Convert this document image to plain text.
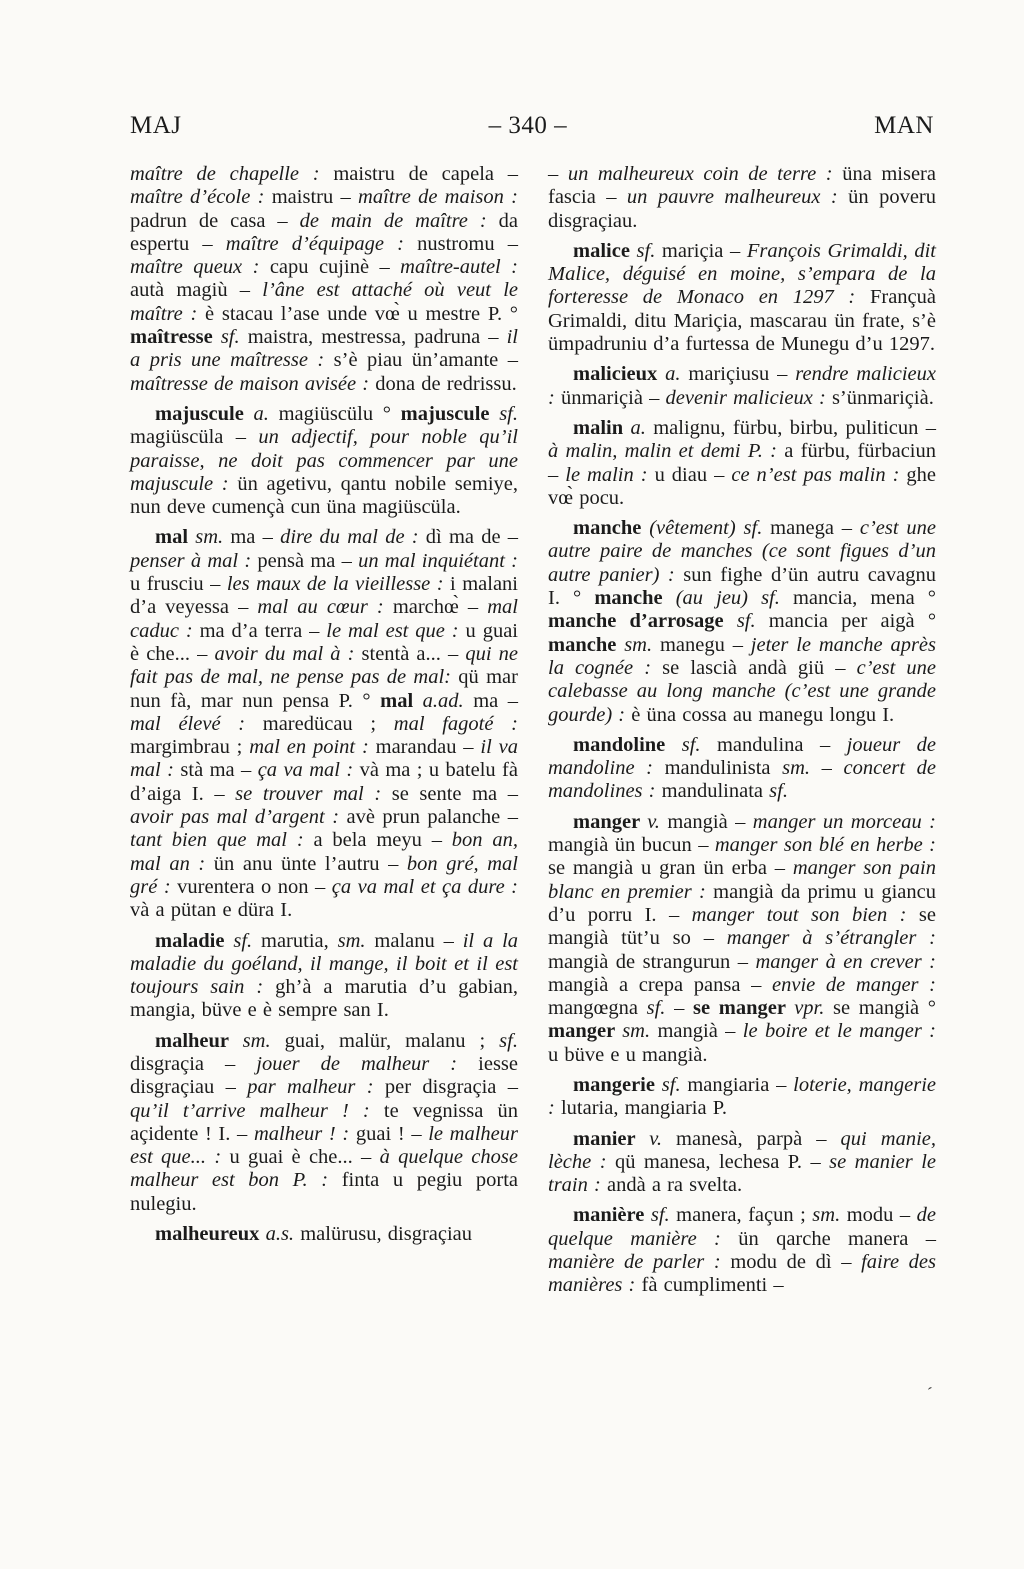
MAJ	– 340 –	MAN

maître de chapelle : maistru de capela – maître d’école : maistru – maître de maison : padrun de casa – de main de maître : da espertu – maître d’équipage : nustromu – maître queux : capu cujinè – maître-autel : autà magiù – l’âne est attaché où veut le maître : è stacau l’ase unde vœ̀ u mestre P. ° maîtresse sf. maistra, mestressa, padruna – il a pris une maîtresse : s’è piau ün’amante – maîtresse de maison avisée : dona de redrissu.

majuscule a. magiüscülu ° majuscule sf. magiüscüla – un adjectif, pour noble qu’il paraisse, ne doit pas commencer par une majuscule : ün agetivu, qantu nobile semiye, nun deve cumençà cun üna magiüscüla.

mal sm. ma – dire du mal de : dì ma de – penser à mal : pensà ma – un mal inquiétant : u frusciu – les maux de la vieillesse : i malani d’a veyessa – mal au cœur : marchœ̀ – mal caduc : ma d’a terra – le mal est que : u guai è che... – avoir du mal à : stentà a... – qui ne fait pas de mal, ne pense pas de mal: qü mar nun fà, mar nun pensa P. ° mal a.ad. ma – mal élevé : maredücau ; mal fagoté : margimbrau ; mal en point : marandau – il va mal : stà ma – ça va mal : và ma ; u batelu fà d’aiga I. – se trouver mal : se sente ma – avoir pas mal d’argent : avè prun palanche – tant bien que mal : a bela meyu – bon an, mal an : ün anu ünte l’autru – bon gré, mal gré : vurentera o non – ça va mal et ça dure : và a pütan e düra I.

maladie sf. marutia, sm. malanu – il a la maladie du goéland, il mange, il boit et il est toujours sain : gh’à a marutia d’u gabian, mangia, büve e è sempre san I.

malheur sm. guai, malür, malanu ; sf. disgraçia – jouer de malheur : iesse disgraçiau – par malheur : per disgraçia – qu’il t’arrive malheur ! : te vegnissa ün açidente ! I. – malheur ! : guai ! – le malheur est que... : u guai è che... – à quelque chose malheur est bon P. : finta u pegiu porta nulegiu.

malheureux a.s. malürusu, disgraçiau

– un malheureux coin de terre : üna misera fascia – un pauvre malheureux : ün poveru disgraçiau.

malice sf. mariçia – François Grimaldi, dit Malice, déguisé en moine, s’empara de la forteresse de Monaco en 1297 : Françuà Grimaldi, ditu Mariçia, mascarau ün frate, s’è ümpadruniu d’a furtessa de Munegu d’u 1297.

malicieux a. mariçiusu – rendre malicieux : ünmariçià – devenir malicieux : s’ünmariçià.

malin a. malignu, fürbu, birbu, puliticun – à malin, malin et demi P. : a fürbu, fürbaciun – le malin : u diau – ce n’est pas malin : ghe vœ̀ pocu.

manche (vêtement) sf. manega – c’est une autre paire de manches (ce sont figues d’un autre panier) : sun fighe d’ün autru cavagnu I. ° manche (au jeu) sf. mancia, mena ° manche d’arrosage sf. mancia per aigà ° manche sm. manegu – jeter le manche après la cognée : se lascià andà giü – c’est une calebasse au long manche (c’est une grande gourde) : è üna cossa au manegu longu I.

mandoline sf. mandulina – joueur de mandoline : mandulinista sm. – concert de mandolines : mandulinata sf.

manger v. mangià – manger un morceau : mangià ün bucun – manger son blé en herbe : se mangià u gran ün erba – manger son pain blanc en premier : mangià da primu u giancu d’u porru I. – manger tout son bien : se mangià tüt’u so – manger à s’étrangler : mangià de strangurun – manger à en crever : mangià a crepa pansa – envie de manger : mangœgna sf. – se manger vpr. se mangià ° manger sm. mangià – le boire et le manger : u büve e u mangià.

mangerie sf. mangiaria – loterie, mangerie : lutaria, mangiaria P.

manier v. manesà, parpà – qui manie, lèche : qü manesa, lechesa P. – se manier le train : andà a ra svelta.

manière sf. manera, façun ; sm. modu – de quelque manière : ün qarche manera – manière de parler : modu de dì – faire des manières : fà cumplimenti –

´
